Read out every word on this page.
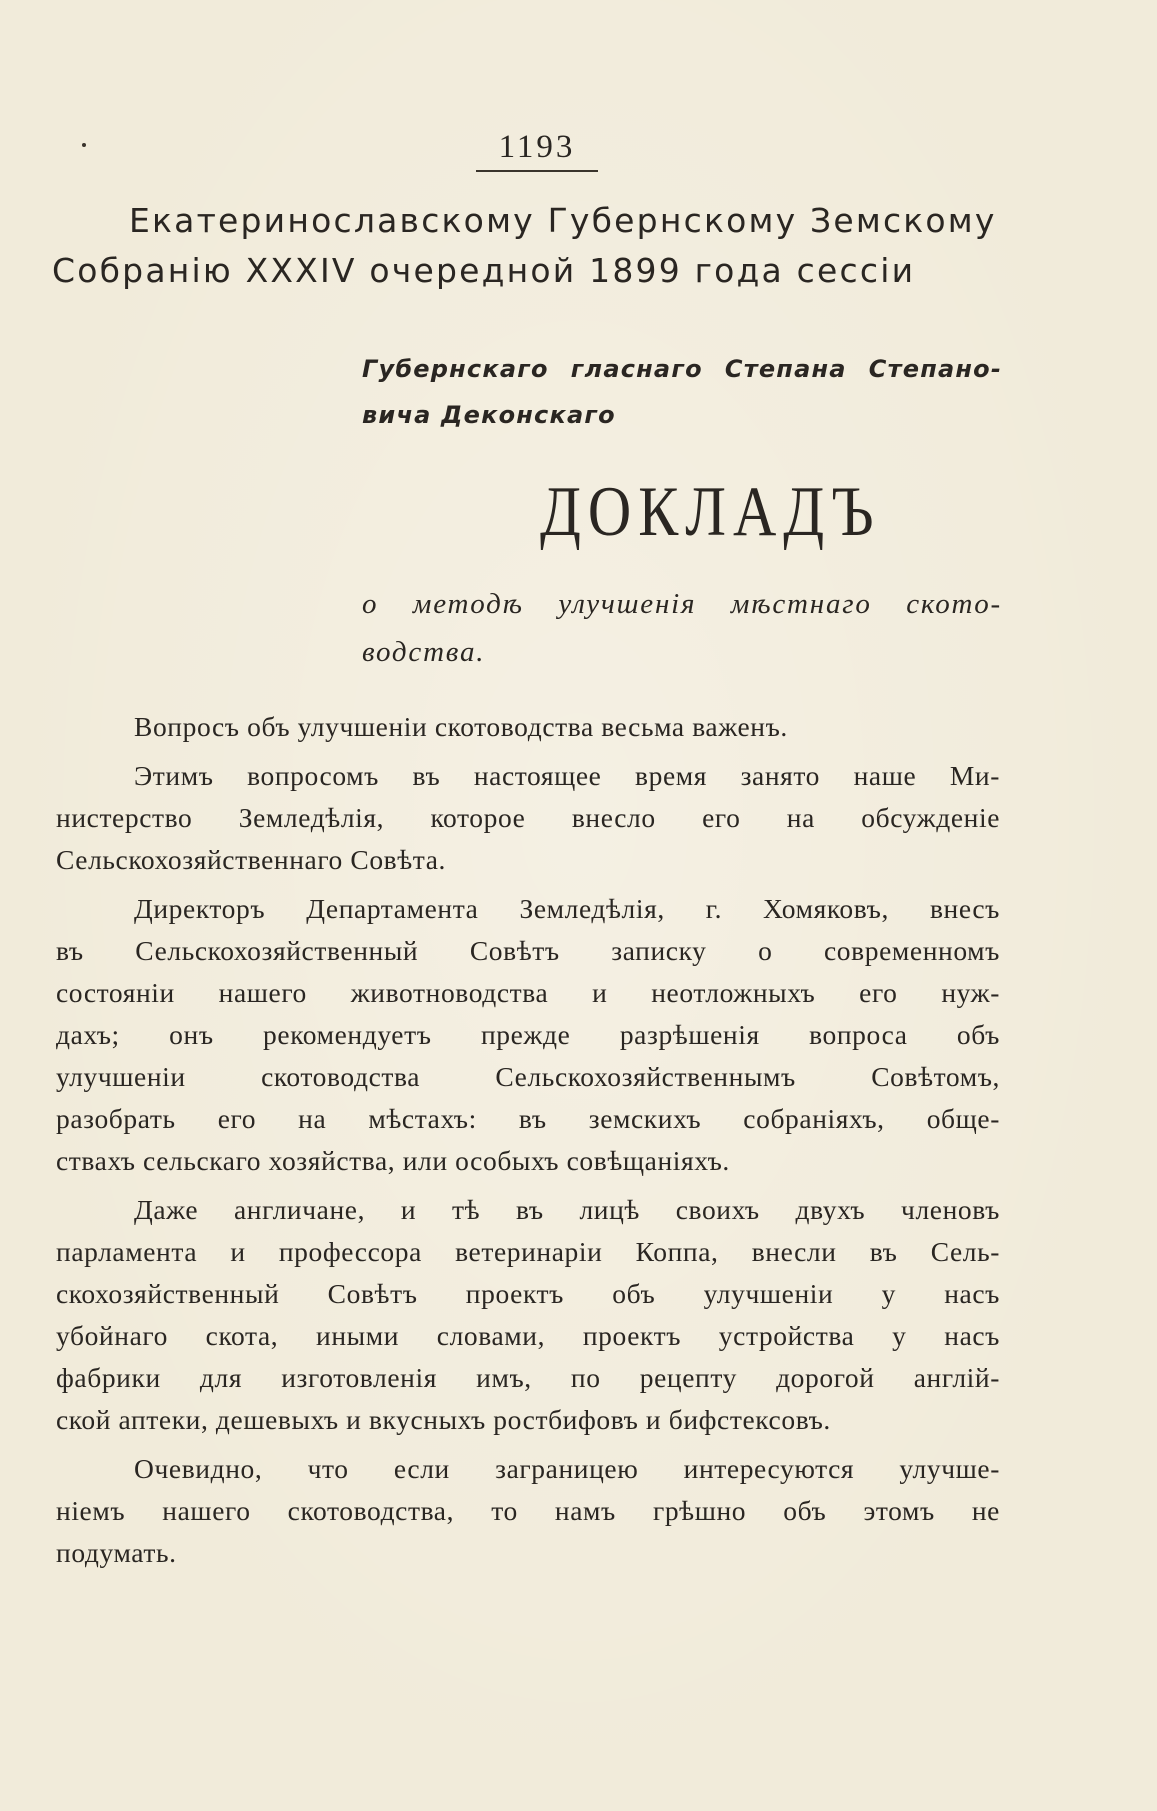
1193
Екатеринославскому Губернскому Земскому
Собранію XXXIV очередной 1899 года сессіи
Губернскаго гласнаго Степана Степано-
вича Деконскаго
ДОКЛАДЪ
о методѣ улучшенія мѣстнаго ското-
водства.
Вопросъ объ улучшеніи скотоводства весьма важенъ.
Этимъ вопросомъ въ настоящее время занято наше Ми-
нистерство Земледѣлія, которое внесло его на обсужденіе
Сельскохозяйственнаго Совѣта.
Директоръ Департамента Земледѣлія, г. Хомяковъ, внесъ
въ Сельскохозяйственный Совѣтъ записку о современномъ
состояніи нашего животноводства и неотложныхъ его нуж-
дахъ; онъ рекомендуетъ прежде разрѣшенія вопроса объ
улучшеніи скотоводства Сельскохозяйственнымъ Совѣтомъ,
разобрать его на мѣстахъ: въ земскихъ собраніяхъ, обще-
ствахъ сельскаго хозяйства, или особыхъ совѣщаніяхъ.
Даже англичане, и тѣ въ лицѣ своихъ двухъ членовъ
парламента и профессора ветеринаріи Коппа, внесли въ Сель-
скохозяйственный Совѣтъ проектъ объ улучшеніи у насъ
убойнаго скота, иными словами, проектъ устройства у насъ
фабрики для изготовленія имъ, по рецепту дорогой англій-
ской аптеки, дешевыхъ и вкусныхъ ростбифовъ и бифстексовъ.
Очевидно, что если заграницею интересуются улучше-
ніемъ нашего скотоводства, то намъ грѣшно объ этомъ не
подумать.
